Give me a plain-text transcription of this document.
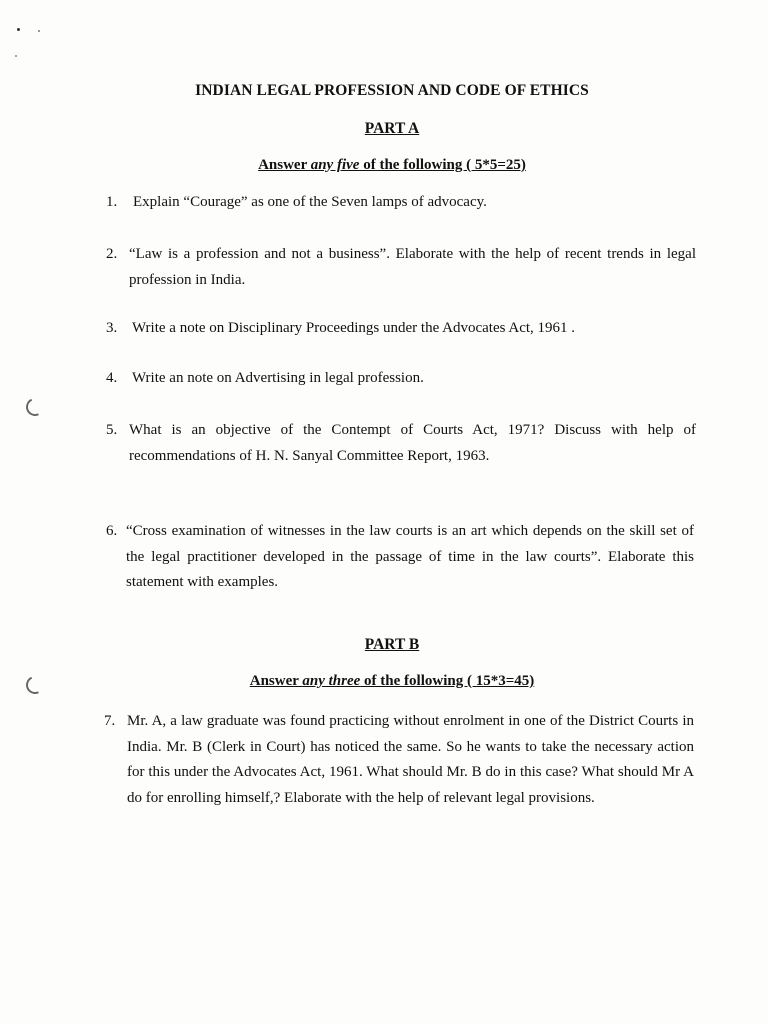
INDIAN LEGAL PROFESSION AND CODE OF ETHICS
PART A
Answer any five of the following ( 5*5=25)
1. Explain “Courage” as one of the Seven lamps of advocacy.
2. “Law is a profession and not a business”. Elaborate with the help of recent trends in legal profession in India.
3. Write a note on Disciplinary Proceedings under the Advocates Act, 1961 .
4. Write an note on Advertising in legal profession.
5. What is an objective of the Contempt of Courts Act, 1971? Discuss with help of recommendations of H. N. Sanyal Committee Report, 1963.
6. “Cross examination of witnesses in the law courts is an art which depends on the skill set of the legal practitioner developed in the passage of time in the law courts”. Elaborate this statement with examples.
PART B
Answer any three of the following ( 15*3=45)
7. Mr. A, a law graduate was found practicing without enrolment in one of the District Courts in India. Mr. B (Clerk in Court) has noticed the same. So he wants to take the necessary action for this under the Advocates Act, 1961. What should Mr. B do in this case? What should Mr A do for enrolling himself,? Elaborate with the help of relevant legal provisions.
